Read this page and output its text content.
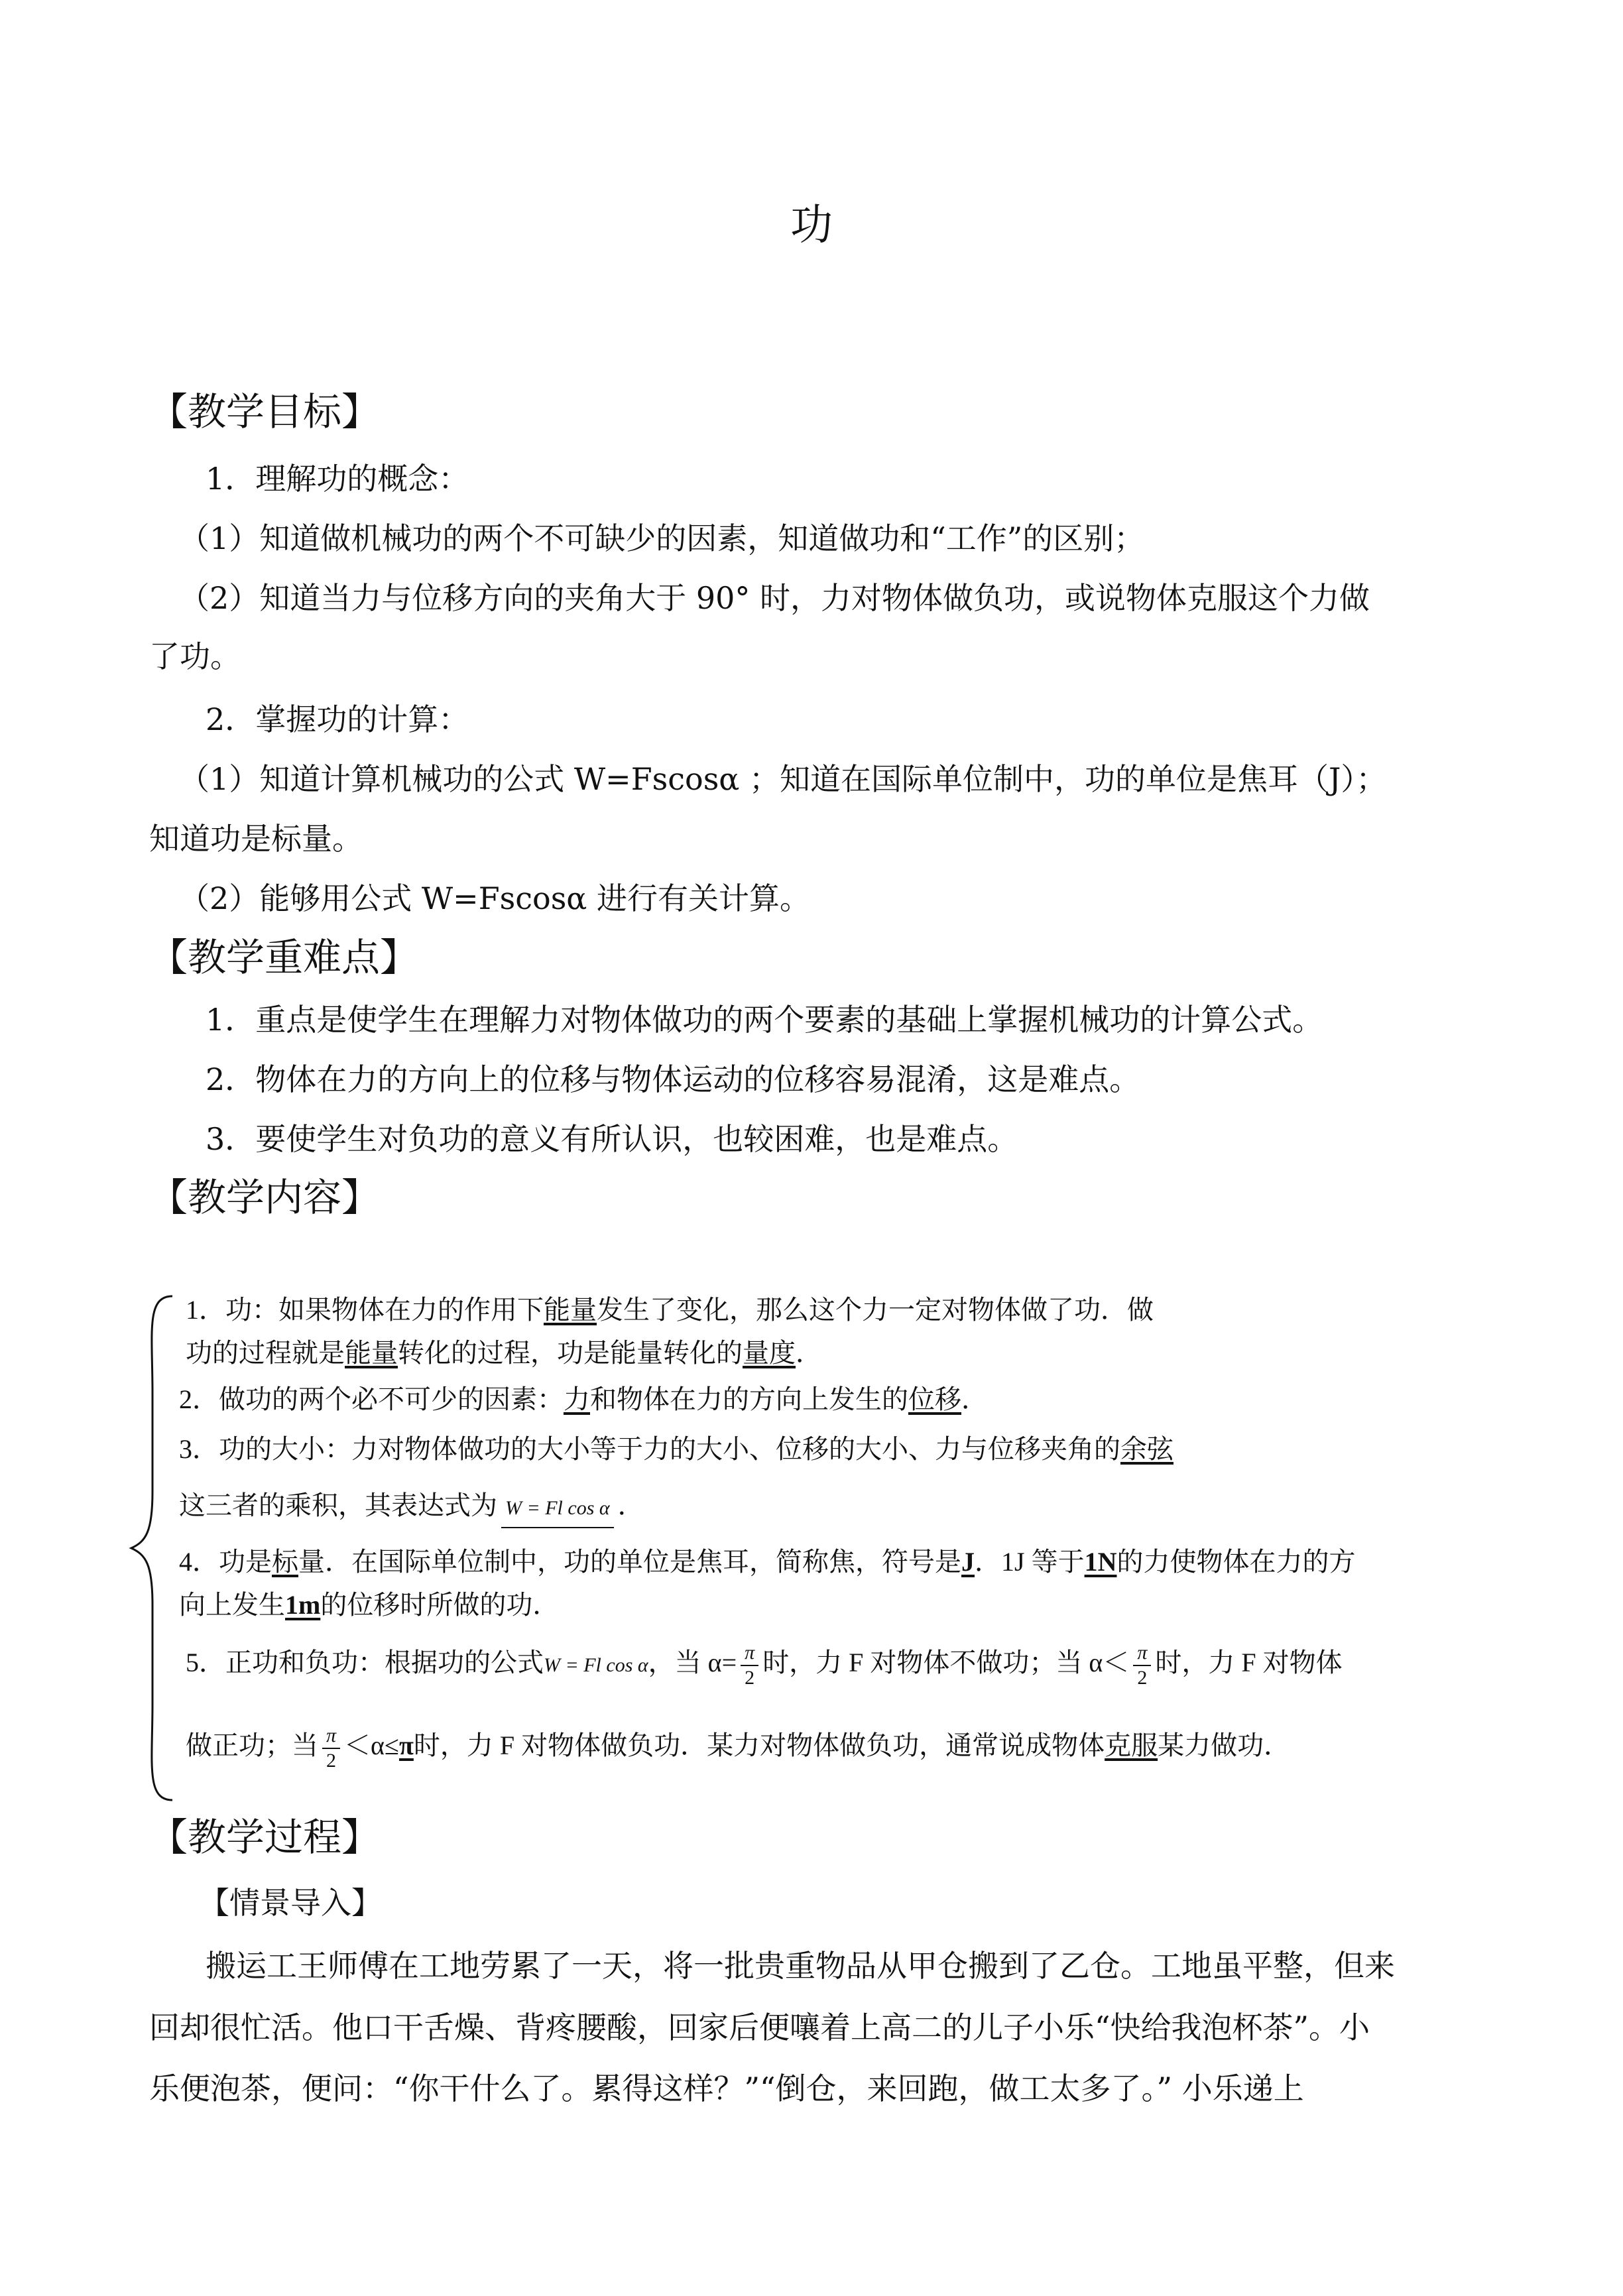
功
【教学目标】
1．理解功的概念：
（1）知道做机械功的两个不可缺少的因素，知道做功和“工作”的区别；
（2）知道当力与位移方向的夹角大于 90° 时，力对物体做负功，或说物体克服这个力做
了功。
2．掌握功的计算：
（1）知道计算机械功的公式 W=Fscosα ；知道在国际单位制中，功的单位是焦耳（J）；
知道功是标量。
（2）能够用公式 W=Fscosα 进行有关计算。
【教学重难点】
1．重点是使学生在理解力对物体做功的两个要素的基础上掌握机械功的计算公式。
2．物体在力的方向上的位移与物体运动的位移容易混淆，这是难点。
3．要使学生对负功的意义有所认识，也较困难，也是难点。
【教学内容】
1．功：如果物体在力的作用下能量发生了变化，那么这个力一定对物体做了功．做
功的过程就是能量转化的过程，功是能量转化的量度．
2．做功的两个必不可少的因素：力和物体在力的方向上发生的位移．
3．功的大小：力对物体做功的大小等于力的大小、位移的大小、力与位移夹角的余弦
这三者的乘积，其表达式为 W = Fl cos α ．
4．功是标量．在国际单位制中，功的单位是焦耳，简称焦，符号是J．1J 等于1N的力使物体在力的方
向上发生1m的位移时所做的功．
5．正功和负功：根据功的公式W = Fl cos α，当 $\alpha= \frac{\pi}{2}$ 时，力 F 对物体不做功；当 $\alpha< \frac{\pi}{2}$ 时，力 F 对物体
做正功；当 $\frac{\pi}{2} <\alpha\le\pi$时，力 F 对物体做负功．某力对物体做负功，通常说成物体克服某力做功．
【教学过程】
【情景导入】
搬运工王师傅在工地劳累了一天，将一批贵重物品从甲仓搬到了乙仓。工地虽平整，但来
回却很忙活。他口干舌燥、背疼腰酸，回家后便嚷着上高二的儿子小乐“快给我泡杯茶”。小
乐便泡茶，便问：“你干什么了。累得这样？”“倒仓，来回跑，做工太多了。” 小乐递上
